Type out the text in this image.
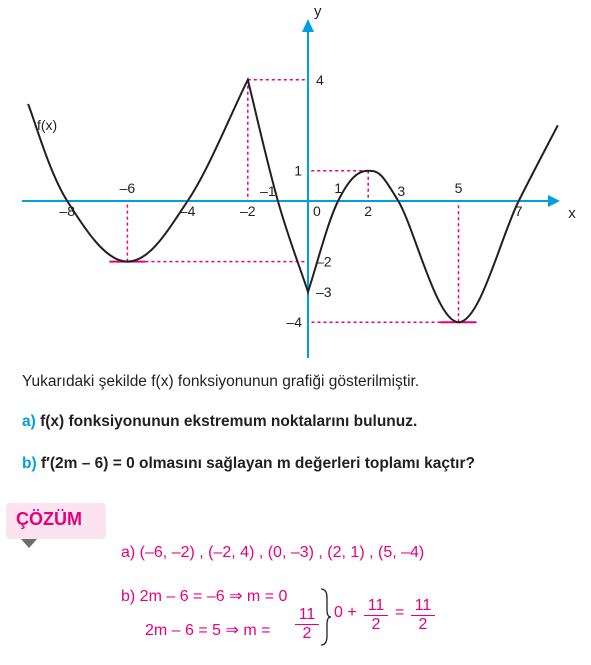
–8
–6
–4	–2
–1	1
2
3	5
7
4
1
–2
–3
–4
0	x
y
f(x)

Yukarıdaki şekilde f(x) fonksiyonunun grafiği gösterilmiştir.

a) f(x) fonksiyonunun ekstremum noktalarını bulunuz.

b) f′(2m – 6) = 0 olmasını sağlayan m değerleri toplamı kaçtır?

ÇÖZÜM
a) (–6, –2) , (–2, 4) , (0, –3) , (2, 1) , (5, –4)
b) 2m – 6 = –6 ⇒ m = 0
2m – 6 = 5 ⇒ $m = \frac{11}{2} 0 + \frac{11}{2} = \frac{11}{2}$
